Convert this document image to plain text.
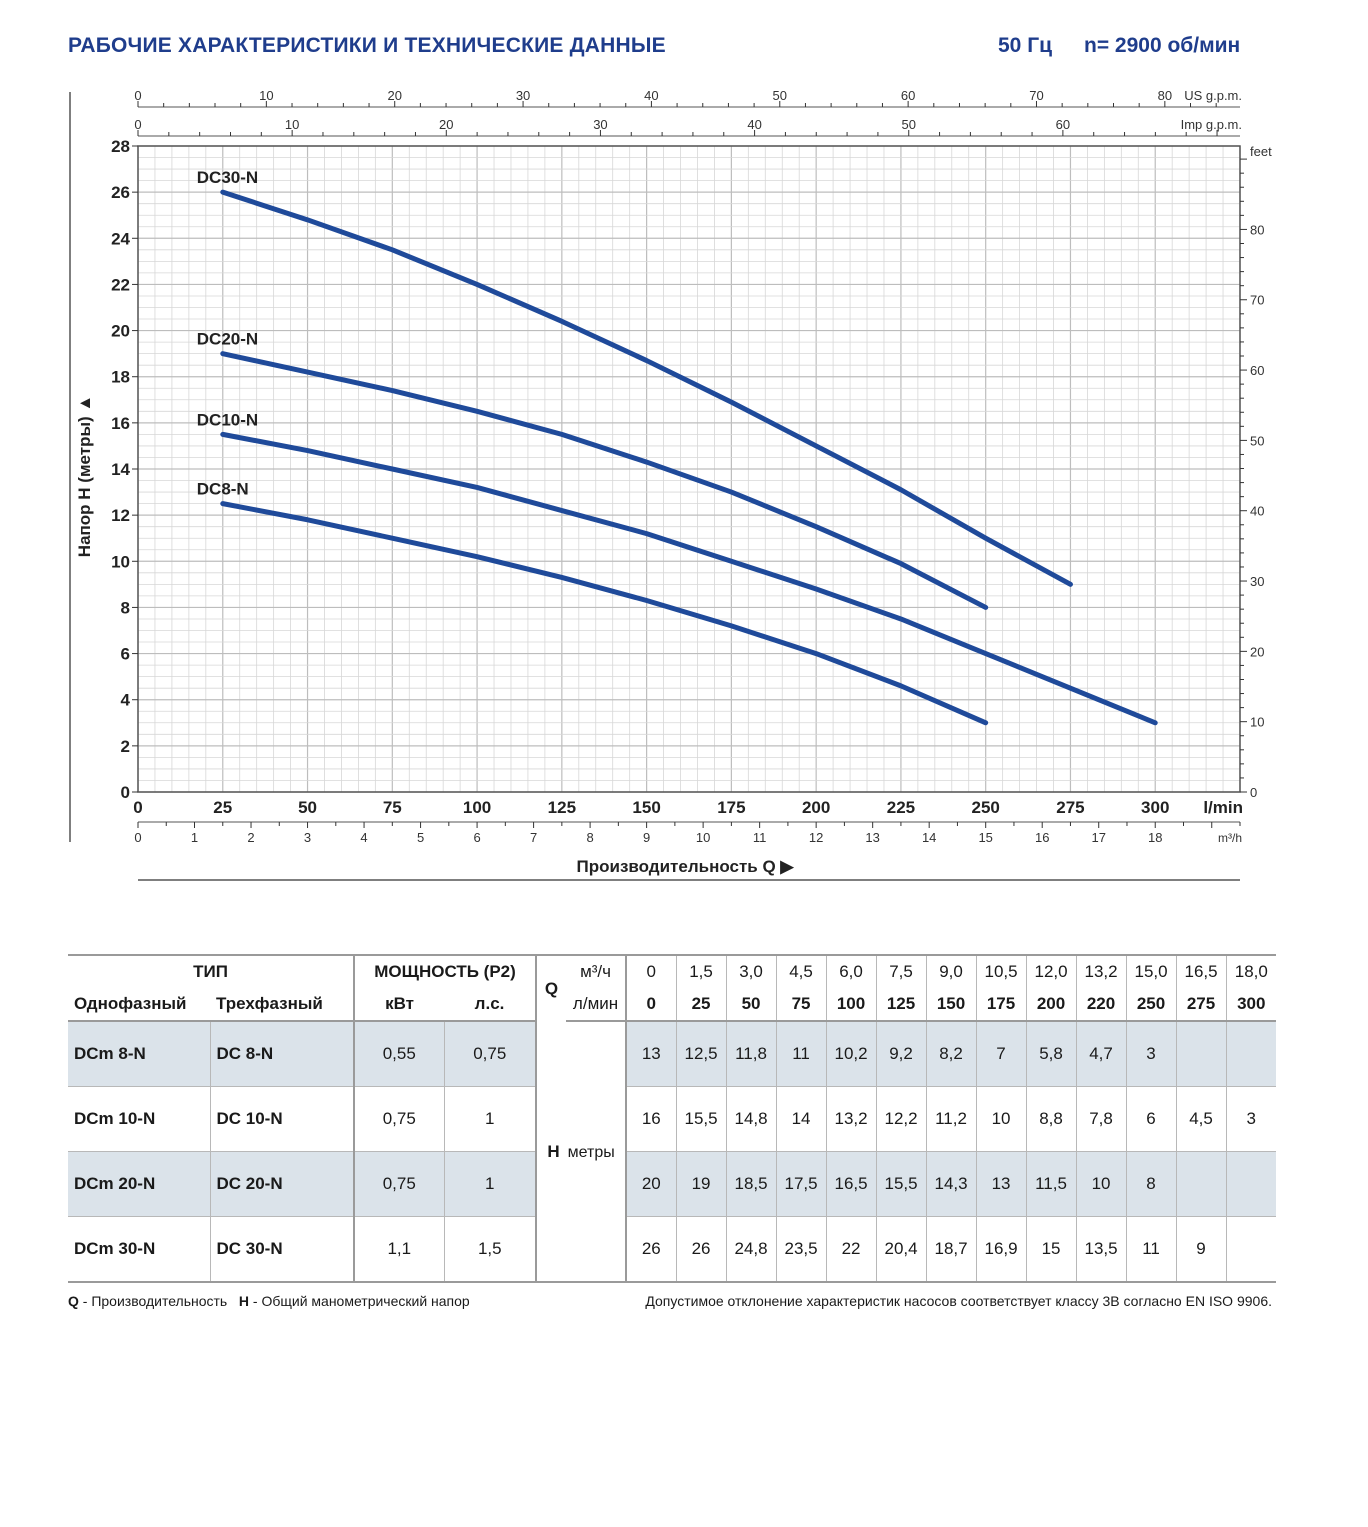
РАБОЧИЕ ХАРАКТЕРИСТИКИ И ТЕХНИЧЕСКИЕ ДАННЫЕ	50 Гц n= 2900 об/мин
0
2
4
6
8
10
12
14
16
18
20
22
24
26
28
Напор H (метры) ▲
0
10
20
30
40
50
60
70
80
feet
0	25	50	75	100	125	150	175	200	225	250	275	300 l/min
0	1	2	3	4	5	6	7	8	9	10	11	12	13	14	15	16	17	18	m³/h
Производительность Q ▶
0	10	20	30	40	50	60	70	80 US g.p.m.
0	10	20	30	40	50	60	Imp g.p.m.
DC30-N
DC20-N
DC10-N
DC8-N
ТИП		МОЩНОСТЬ (P2)		Q	м³/ч	0	1,5	3,0	4,5	6,0	7,5	9,0	10,5	12,0	13,2	15,0	16,5	18,0
Однофазный	Трехфазный	кВт	л.с.		л/мин	0	25	50	75	100	125	150	175	200	220	250	275	300
DCm 8-N	DC 8-N	0,55	0,75	H метры		13	12,5	11,8	11	10,2	9,2	8,2	7	5,8	4,7	3		
DCm 10-N	DC 10-N	0,75	1			16	15,5	14,8	14	13,2	12,2	11,2	10	8,8	7,8	6	4,5	3
DCm 20-N	DC 20-N	0,75	1			20	19	18,5	17,5	16,5	15,5	14,3	13	11,5	10	8		
DCm 30-N	DC 30-N	1,1	1,5			26	26	24,8	23,5	22	20,4	18,7	16,9	15	13,5	11	9	
Q - Производительность H - Общий манометрический напор	Допустимое отклонение характеристик насосов соответствует классу 3В согласно EN ISO 9906.
